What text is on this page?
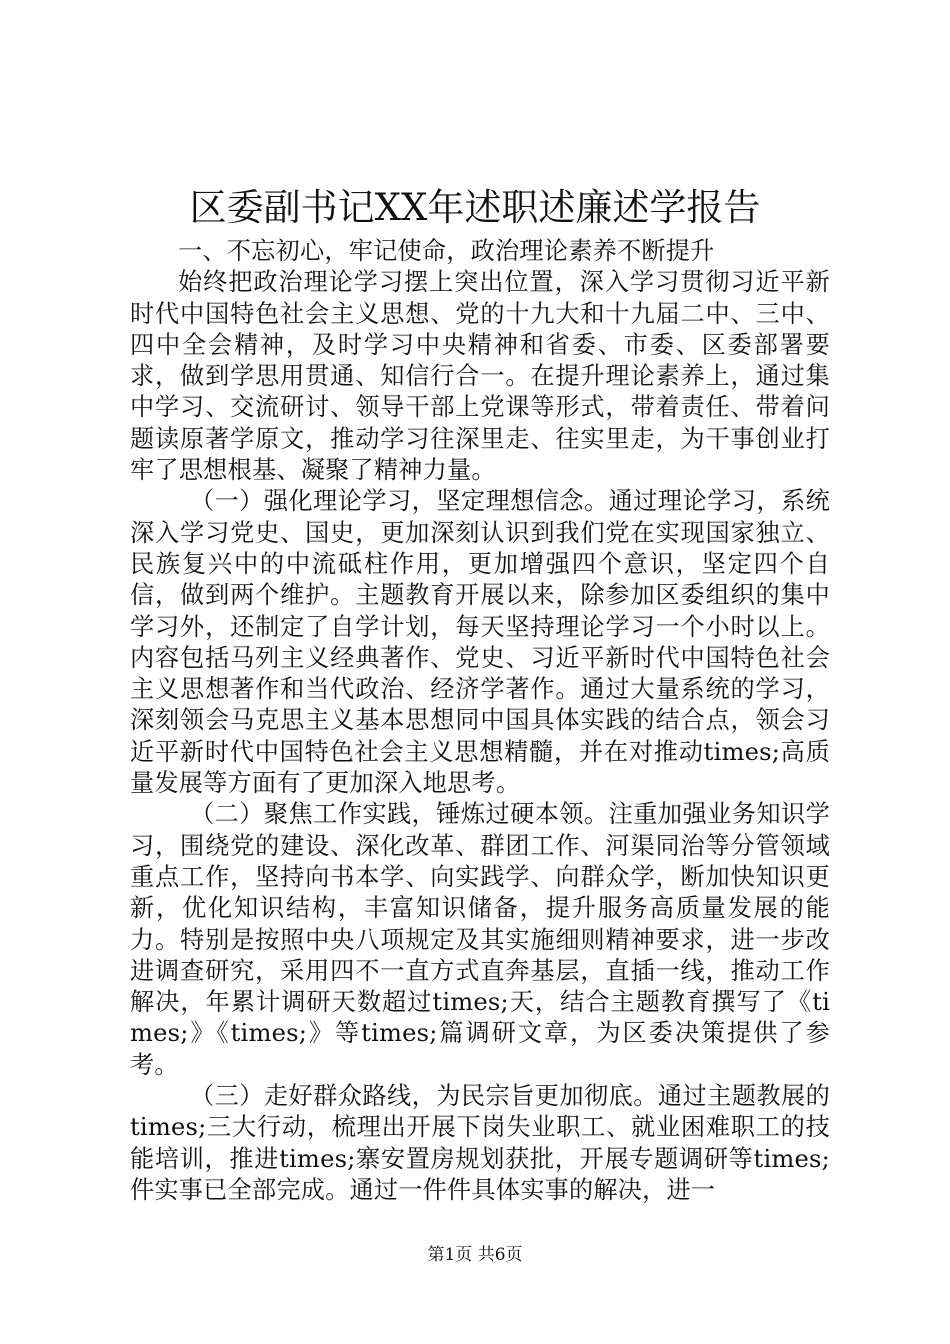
区委副书记XX年述职述廉述学报告

一、不忘初心，牢记使命，政治理论素养不断提升

始终把政治理论学习摆上突出位置，深入学习贯彻习近平新时代中国特色社会主义思想、党的十九大和十九届二中、三中、四中全会精神，及时学习中央精神和省委、市委、区委部署要求，做到学思用贯通、知信行合一。在提升理论素养上，通过集中学习、交流研讨、领导干部上党课等形式，带着责任、带着问题读原著学原文，推动学习往深里走、往实里走，为干事创业打牢了思想根基、凝聚了精神力量。

（一）强化理论学习，坚定理想信念。通过理论学习，系统深入学习党史、国史，更加深刻认识到我们党在实现国家独立、民族复兴中的中流砥柱作用，更加增强四个意识，坚定四个自信，做到两个维护。主题教育开展以来，除参加区委组织的集中学习外，还制定了自学计划，每天坚持理论学习一个小时以上。内容包括马列主义经典著作、党史、习近平新时代中国特色社会主义思想著作和当代政治、经济学著作。通过大量系统的学习，深刻领会马克思主义基本思想同中国具体实践的结合点，领会习近平新时代中国特色社会主义思想精髓，并在对推动times;高质量发展等方面有了更加深入地思考。

（二）聚焦工作实践，锤炼过硬本领。注重加强业务知识学习，围绕党的建设、深化改革、群团工作、河渠同治等分管领域重点工作，坚持向书本学、向实践学、向群众学，断加快知识更新，优化知识结构，丰富知识储备，提升服务高质量发展的能力。特别是按照中央八项规定及其实施细则精神要求，进一步改进调查研究，采用四不一直方式直奔基层，直插一线，推动工作解决，年累计调研天数超过times;天，结合主题教育撰写了《times;》《times;》等times;篇调研文章，为区委决策提供了参考。

（三）走好群众路线，为民宗旨更加彻底。通过主题教展的times;三大行动，梳理出开展下岗失业职工、就业困难职工的技能培训，推进times;寨安置房规划获批，开展专题调研等times;件实事已全部完成。通过一件件具体实事的解决，进一

第1页 共6页
